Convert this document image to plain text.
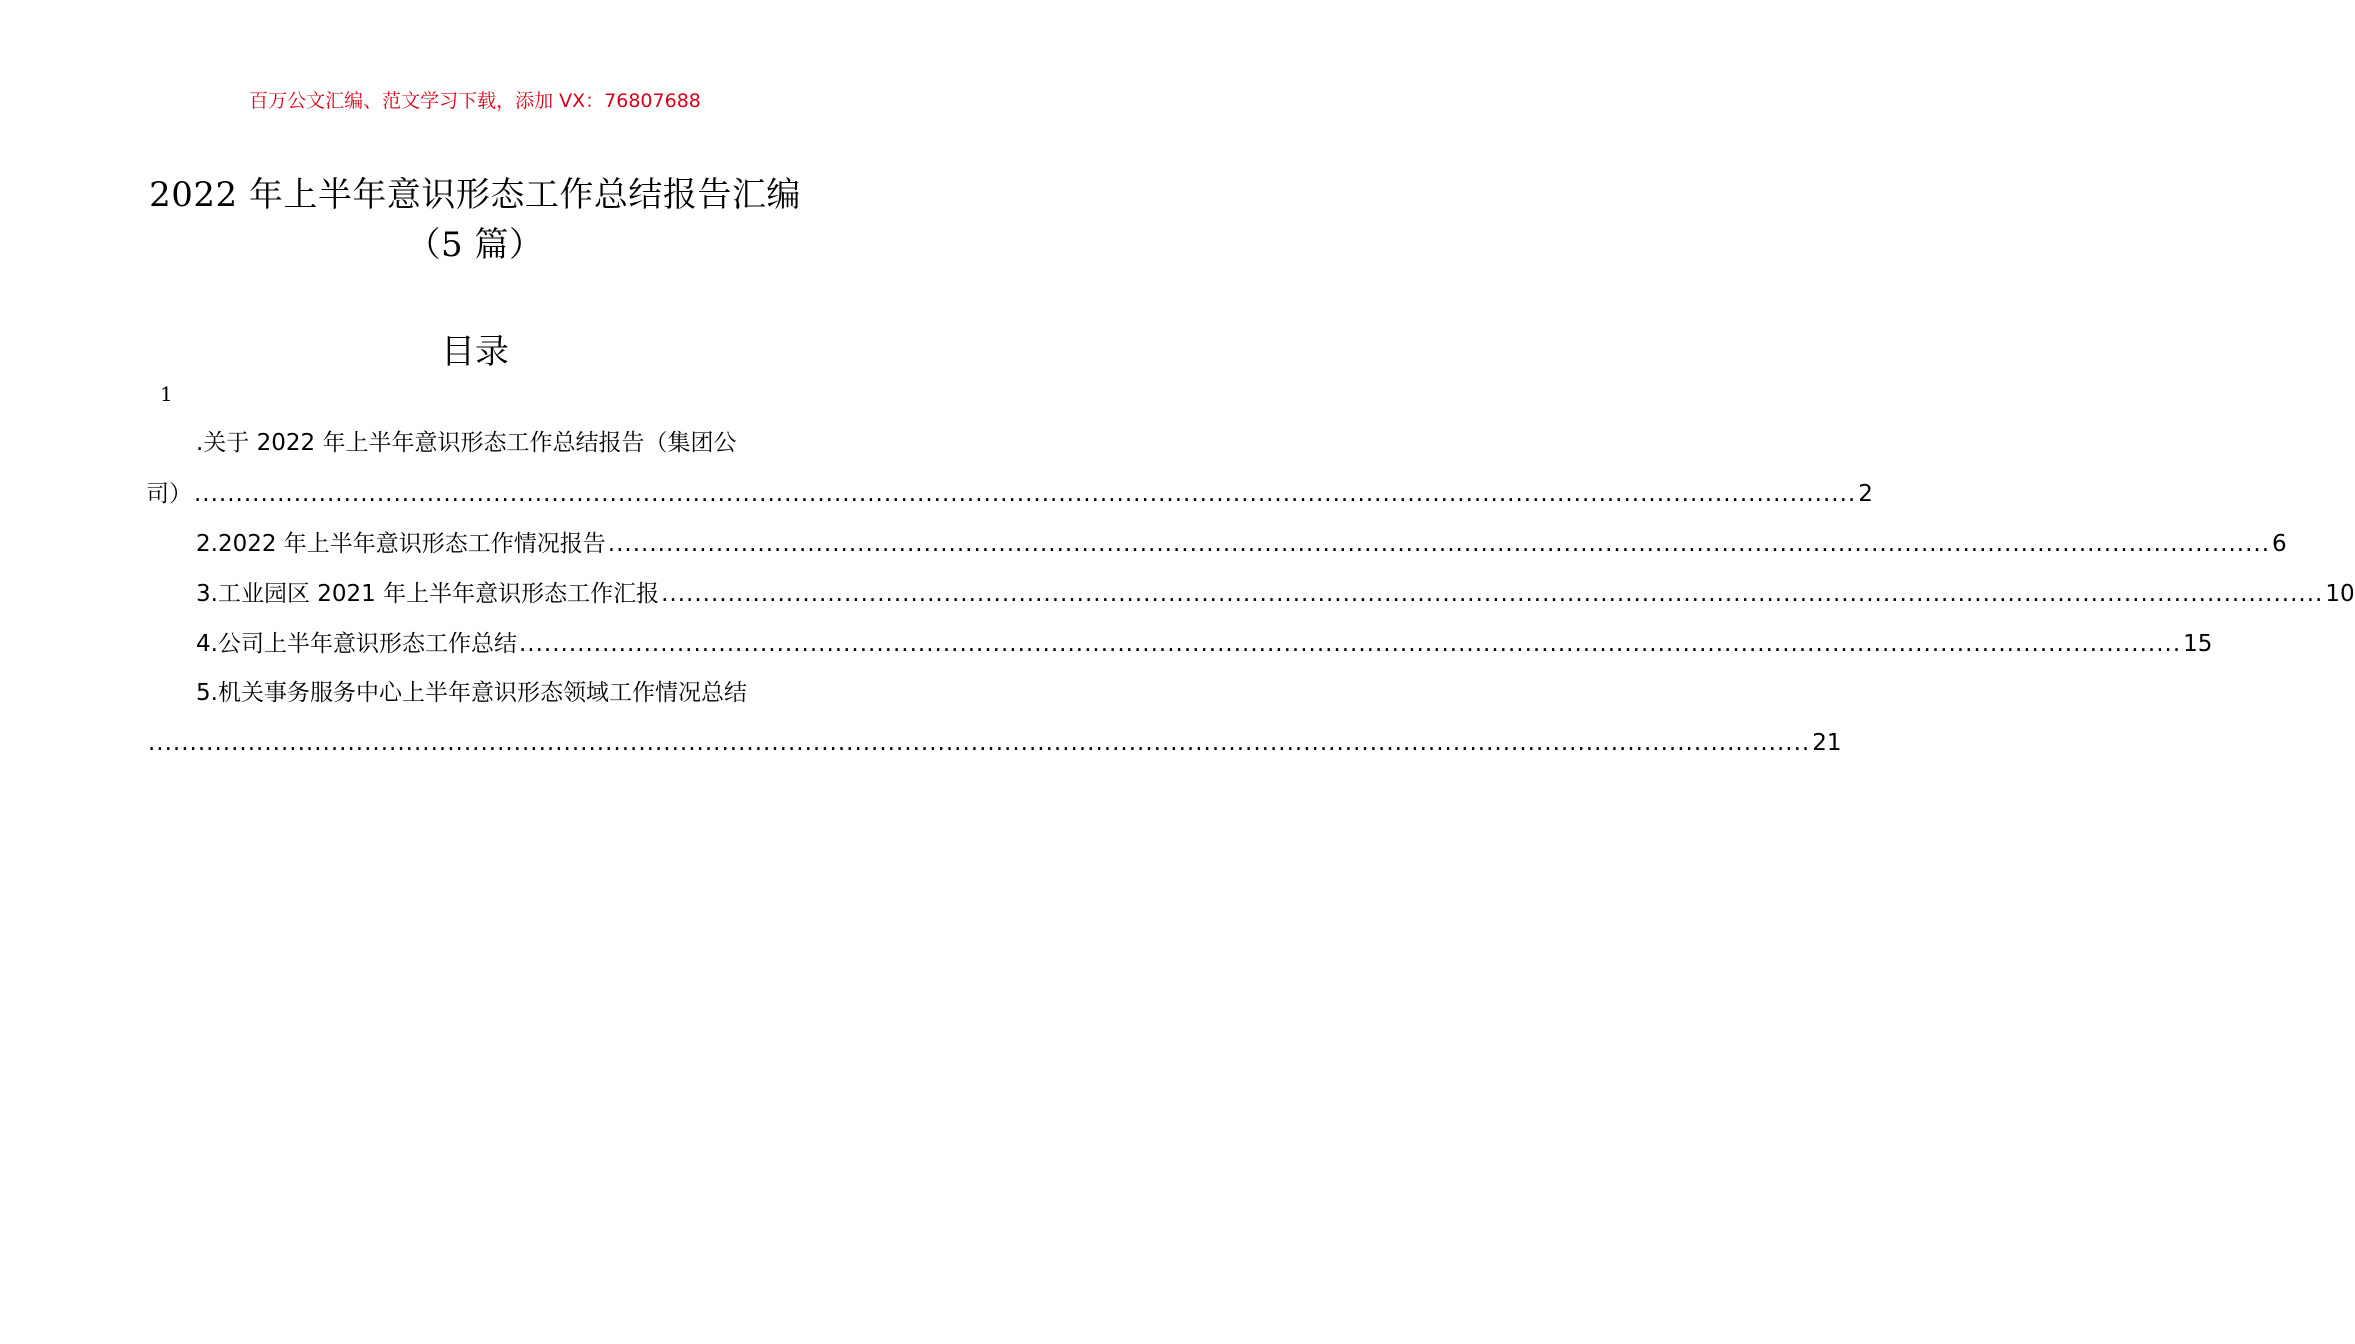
百万公文汇编、范文学习下载，添加 VX：76807688
2022 年上半年意识形态工作总结报告汇编
（5 篇）
目录
1
.关于 2022 年上半年意识形态工作总结报告（集团公
司） ........................................................................................................................................................................................................ 2
2.2022 年上半年意识形态工作情况报告 ........................................................................................................................................................................................................ 6
3.工业园区 2021 年上半年意识形态工作汇报 ........................................................................................................................................................................................................ 10
4.公司上半年意识形态工作总结 ........................................................................................................................................................................................................ 15
5.机关事务服务中心上半年意识形态领域工作情况总结
........................................................................................................................................................................................................ 21
